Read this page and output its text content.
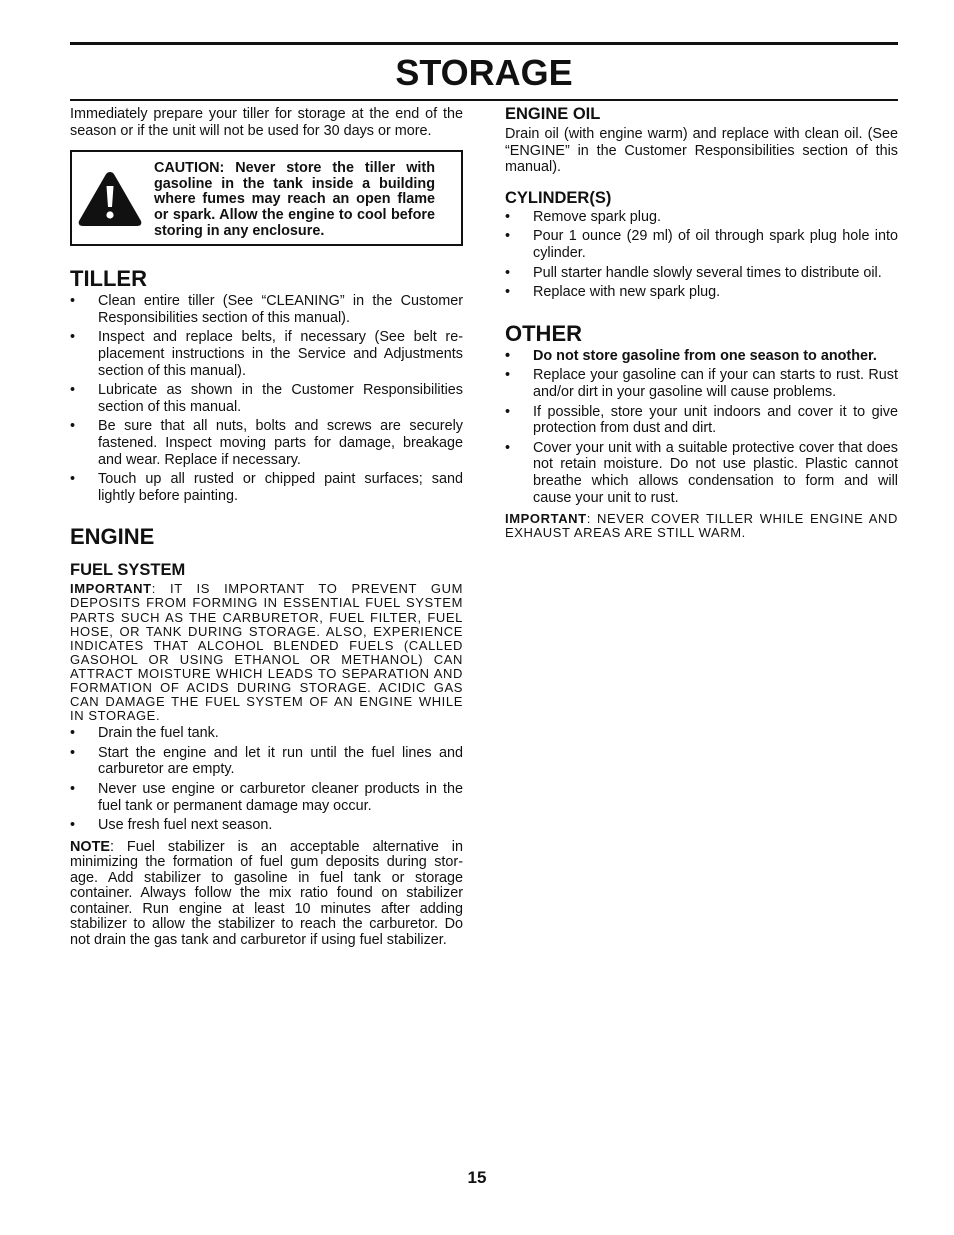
STORAGE

Immediately prepare your tiller for storage at the end of the season or if the unit will not be used for 30 days or more.

CAUTION: Never store the tiller with gasoline in the tank inside a building where fumes may reach an open flame or spark. Allow the engine to cool before storing in any enclosure.
TILLER
• Clean entire tiller (See “CLEANING” in the Customer Responsibilities section of this manual).
• Inspect and replace belts, if necessary (See belt re-placement instructions in the Service and Adjustments section of this manual).
• Lubricate as shown in the Customer Responsibilities section of this manual.
• Be sure that all nuts, bolts and screws are securely fastened. Inspect moving parts for damage, breakage and wear. Replace if necessary.
• Touch up all rusted or chipped paint surfaces; sand lightly before painting.
ENGINE
FUEL SYSTEM

IMPORTANT: IT IS IMPORTANT TO PREVENT GUM DEPOSITS FROM FORMING IN ESSENTIAL FUEL SYSTEM PARTS SUCH AS THE CARBURETOR, FUEL FILTER, FUEL HOSE, OR TANK DURING STORAGE. ALSO, EXPERIENCE INDICATES THAT ALCOHOL BLENDED FUELS (CALLED GASOHOL OR USING ETHANOL OR METHANOL) CAN ATTRACT MOISTURE WHICH LEADS TO SEPARATION AND FORMATION OF ACIDS DURING STORAGE. ACIDIC GAS CAN DAMAGE THE FUEL SYSTEM OF AN ENGINE WHILE IN STORAGE.

• Drain the fuel tank.
• Start the engine and let it run until the fuel lines and carburetor are empty.
• Never use engine or carburetor cleaner products in the fuel tank or permanent damage may occur.
• Use fresh fuel next season.

NOTE: Fuel stabilizer is an acceptable alternative in minimizing the formation of fuel gum deposits during stor-age. Add stabilizer to gasoline in fuel tank or storage container. Always follow the mix ratio found on stabilizer container. Run engine at least 10 minutes after adding stabilizer to allow the stabilizer to reach the carburetor. Do not drain the gas tank and carburetor if using fuel stabilizer.

ENGINE OIL

Drain oil (with engine warm) and replace with clean oil. (See “ENGINE” in the Customer Responsibilities section of this manual).

CYLINDER(S)
• Remove spark plug.
• Pour 1 ounce (29 ml) of oil through spark plug hole into cylinder.
• Pull starter handle slowly several times to distribute oil.
• Replace with new spark plug.
OTHER
• Do not store gasoline from one season to another.
• Replace your gasoline can if your can starts to rust. Rust and/or dirt in your gasoline will cause problems.
• If possible, store your unit indoors and cover it to give protection from dust and dirt.
• Cover your unit with a suitable protective cover that does not retain moisture. Do not use plastic. Plastic cannot breathe which allows condensation to form and will cause your unit to rust.

IMPORTANT: NEVER COVER TILLER WHILE ENGINE AND EXHAUST AREAS ARE STILL WARM.

15
